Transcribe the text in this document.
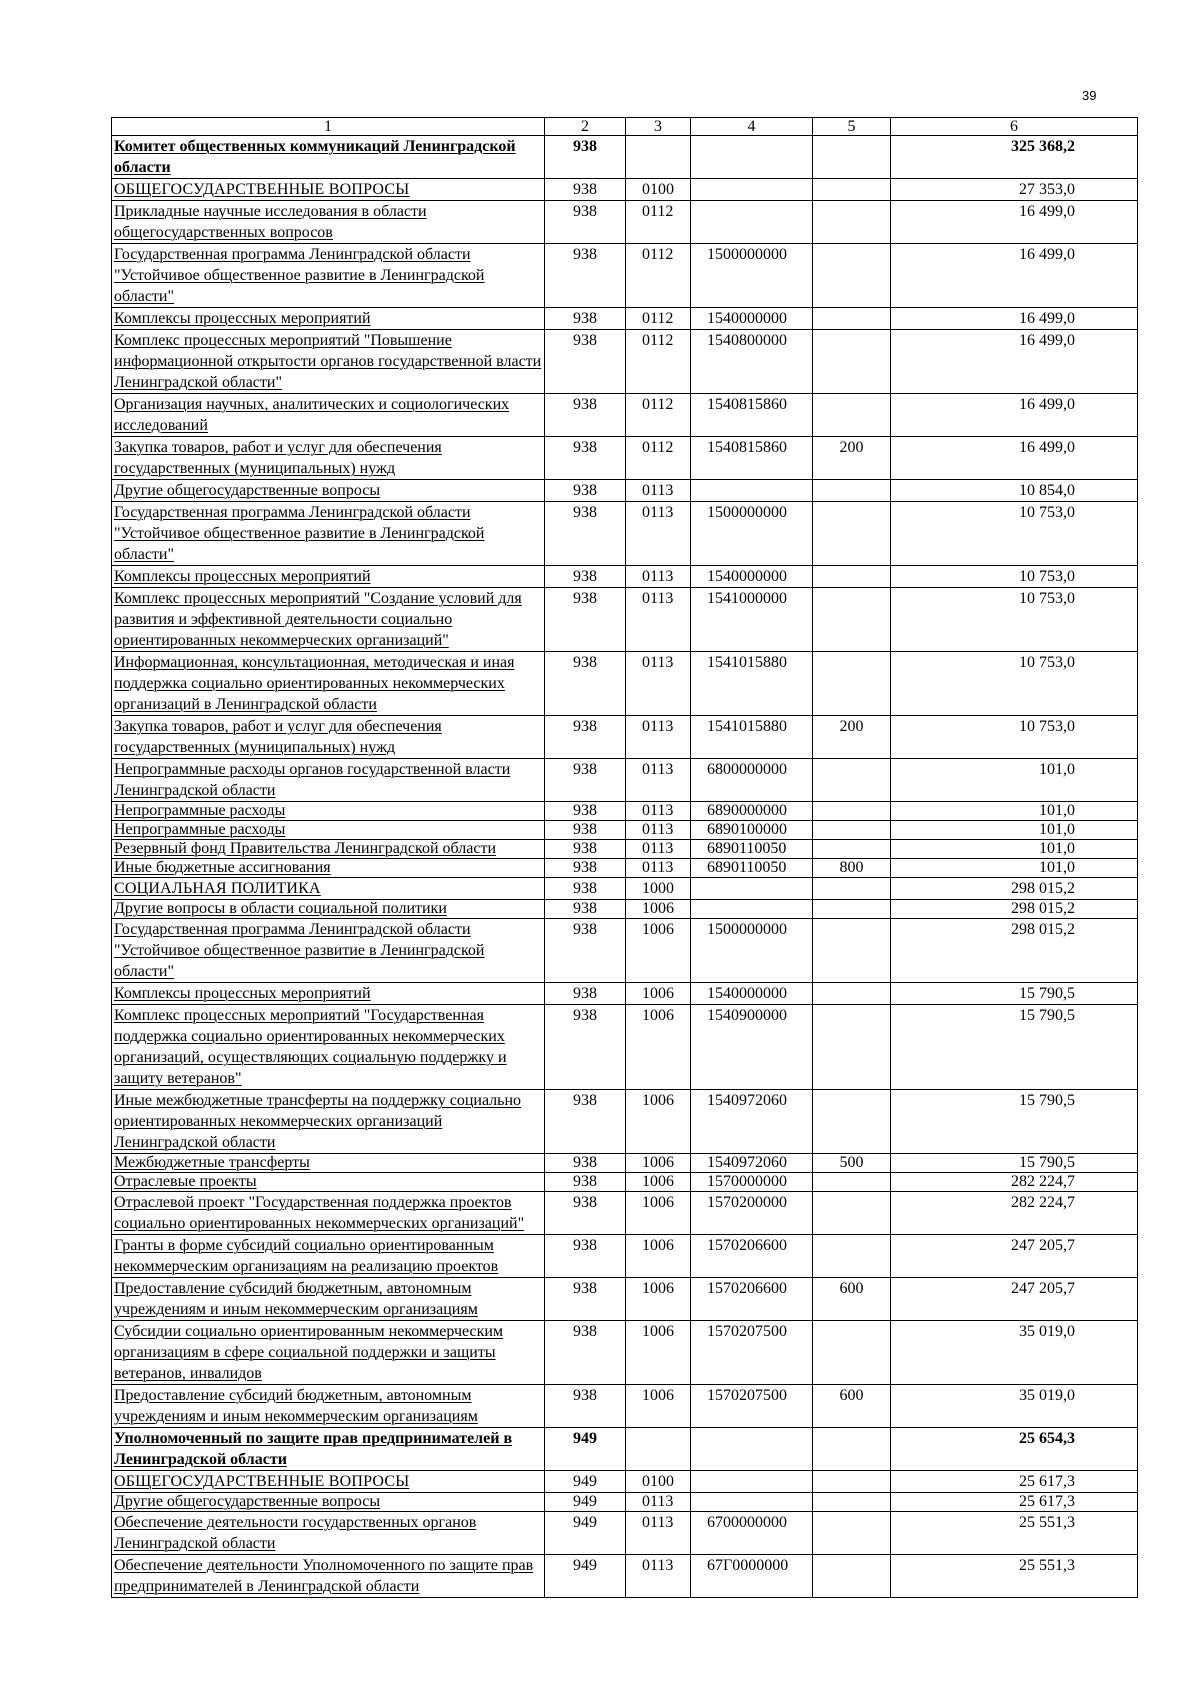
39
1	2	3	4	5	6
Комитет общественных коммуникаций Ленинградской области	938				325 368,2
ОБЩЕГОСУДАРСТВЕННЫЕ ВОПРОСЫ	938	0100			27 353,0
Прикладные научные исследования в области общегосударственных вопросов	938	0112			16 499,0
Государственная программа Ленинградской области "Устойчивое общественное развитие в Ленинградской области"	938	0112	1500000000		16 499,0
Комплексы процессных мероприятий	938	0112	1540000000		16 499,0
Комплекс процессных мероприятий "Повышение информационной открытости органов государственной власти Ленинградской области"	938	0112	1540800000		16 499,0
Организация научных, аналитических и социологических исследований	938	0112	1540815860		16 499,0
Закупка товаров, работ и услуг для обеспечения государственных (муниципальных) нужд	938	0112	1540815860	200	16 499,0
Другие общегосударственные вопросы	938	0113			10 854,0
Государственная программа Ленинградской области "Устойчивое общественное развитие в Ленинградской области"	938	0113	1500000000		10 753,0
Комплексы процессных мероприятий	938	0113	1540000000		10 753,0
Комплекс процессных мероприятий "Создание условий для развития и эффективной деятельности социально ориентированных некоммерческих организаций"	938	0113	1541000000		10 753,0
Информационная, консультационная, методическая и иная поддержка социально ориентированных некоммерческих организаций в Ленинградской области	938	0113	1541015880		10 753,0
Закупка товаров, работ и услуг для обеспечения государственных (муниципальных) нужд	938	0113	1541015880	200	10 753,0
Непрограммные расходы органов государственной власти Ленинградской области	938	0113	6800000000		101,0
Непрограммные расходы	938	0113	6890000000		101,0
Непрограммные расходы	938	0113	6890100000		101,0
Резервный фонд Правительства Ленинградской области	938	0113	6890110050		101,0
Иные бюджетные ассигнования	938	0113	6890110050	800	101,0
СОЦИАЛЬНАЯ ПОЛИТИКА	938	1000			298 015,2
Другие вопросы в области социальной политики	938	1006			298 015,2
Государственная программа Ленинградской области "Устойчивое общественное развитие в Ленинградской области"	938	1006	1500000000		298 015,2
Комплексы процессных мероприятий	938	1006	1540000000		15 790,5
Комплекс процессных мероприятий "Государственная поддержка социально ориентированных некоммерческих организаций, осуществляющих социальную поддержку и защиту ветеранов"	938	1006	1540900000		15 790,5
Иные межбюджетные трансферты на поддержку социально ориентированных некоммерческих организаций Ленинградской области	938	1006	1540972060		15 790,5
Межбюджетные трансферты	938	1006	1540972060	500	15 790,5
Отраслевые проекты	938	1006	1570000000		282 224,7
Отраслевой проект "Государственная поддержка проектов социально ориентированных некоммерческих организаций"	938	1006	1570200000		282 224,7
Гранты в форме субсидий социально ориентированным некоммерческим организациям на реализацию проектов	938	1006	1570206600		247 205,7
Предоставление субсидий бюджетным, автономным учреждениям и иным некоммерческим организациям	938	1006	1570206600	600	247 205,7
Субсидии социально ориентированным некоммерческим организациям в сфере социальной поддержки и защиты ветеранов, инвалидов	938	1006	1570207500		35 019,0
Предоставление субсидий бюджетным, автономным учреждениям и иным некоммерческим организациям	938	1006	1570207500	600	35 019,0
Уполномоченный по защите прав предпринимателей в Ленинградской области	949				25 654,3
ОБЩЕГОСУДАРСТВЕННЫЕ ВОПРОСЫ	949	0100			25 617,3
Другие общегосударственные вопросы	949	0113			25 617,3
Обеспечение деятельности государственных органов Ленинградской области	949	0113	6700000000		25 551,3
Обеспечение деятельности Уполномоченного по защите прав предпринимателей в Ленинградской области	949	0113	67Г0000000		25 551,3
